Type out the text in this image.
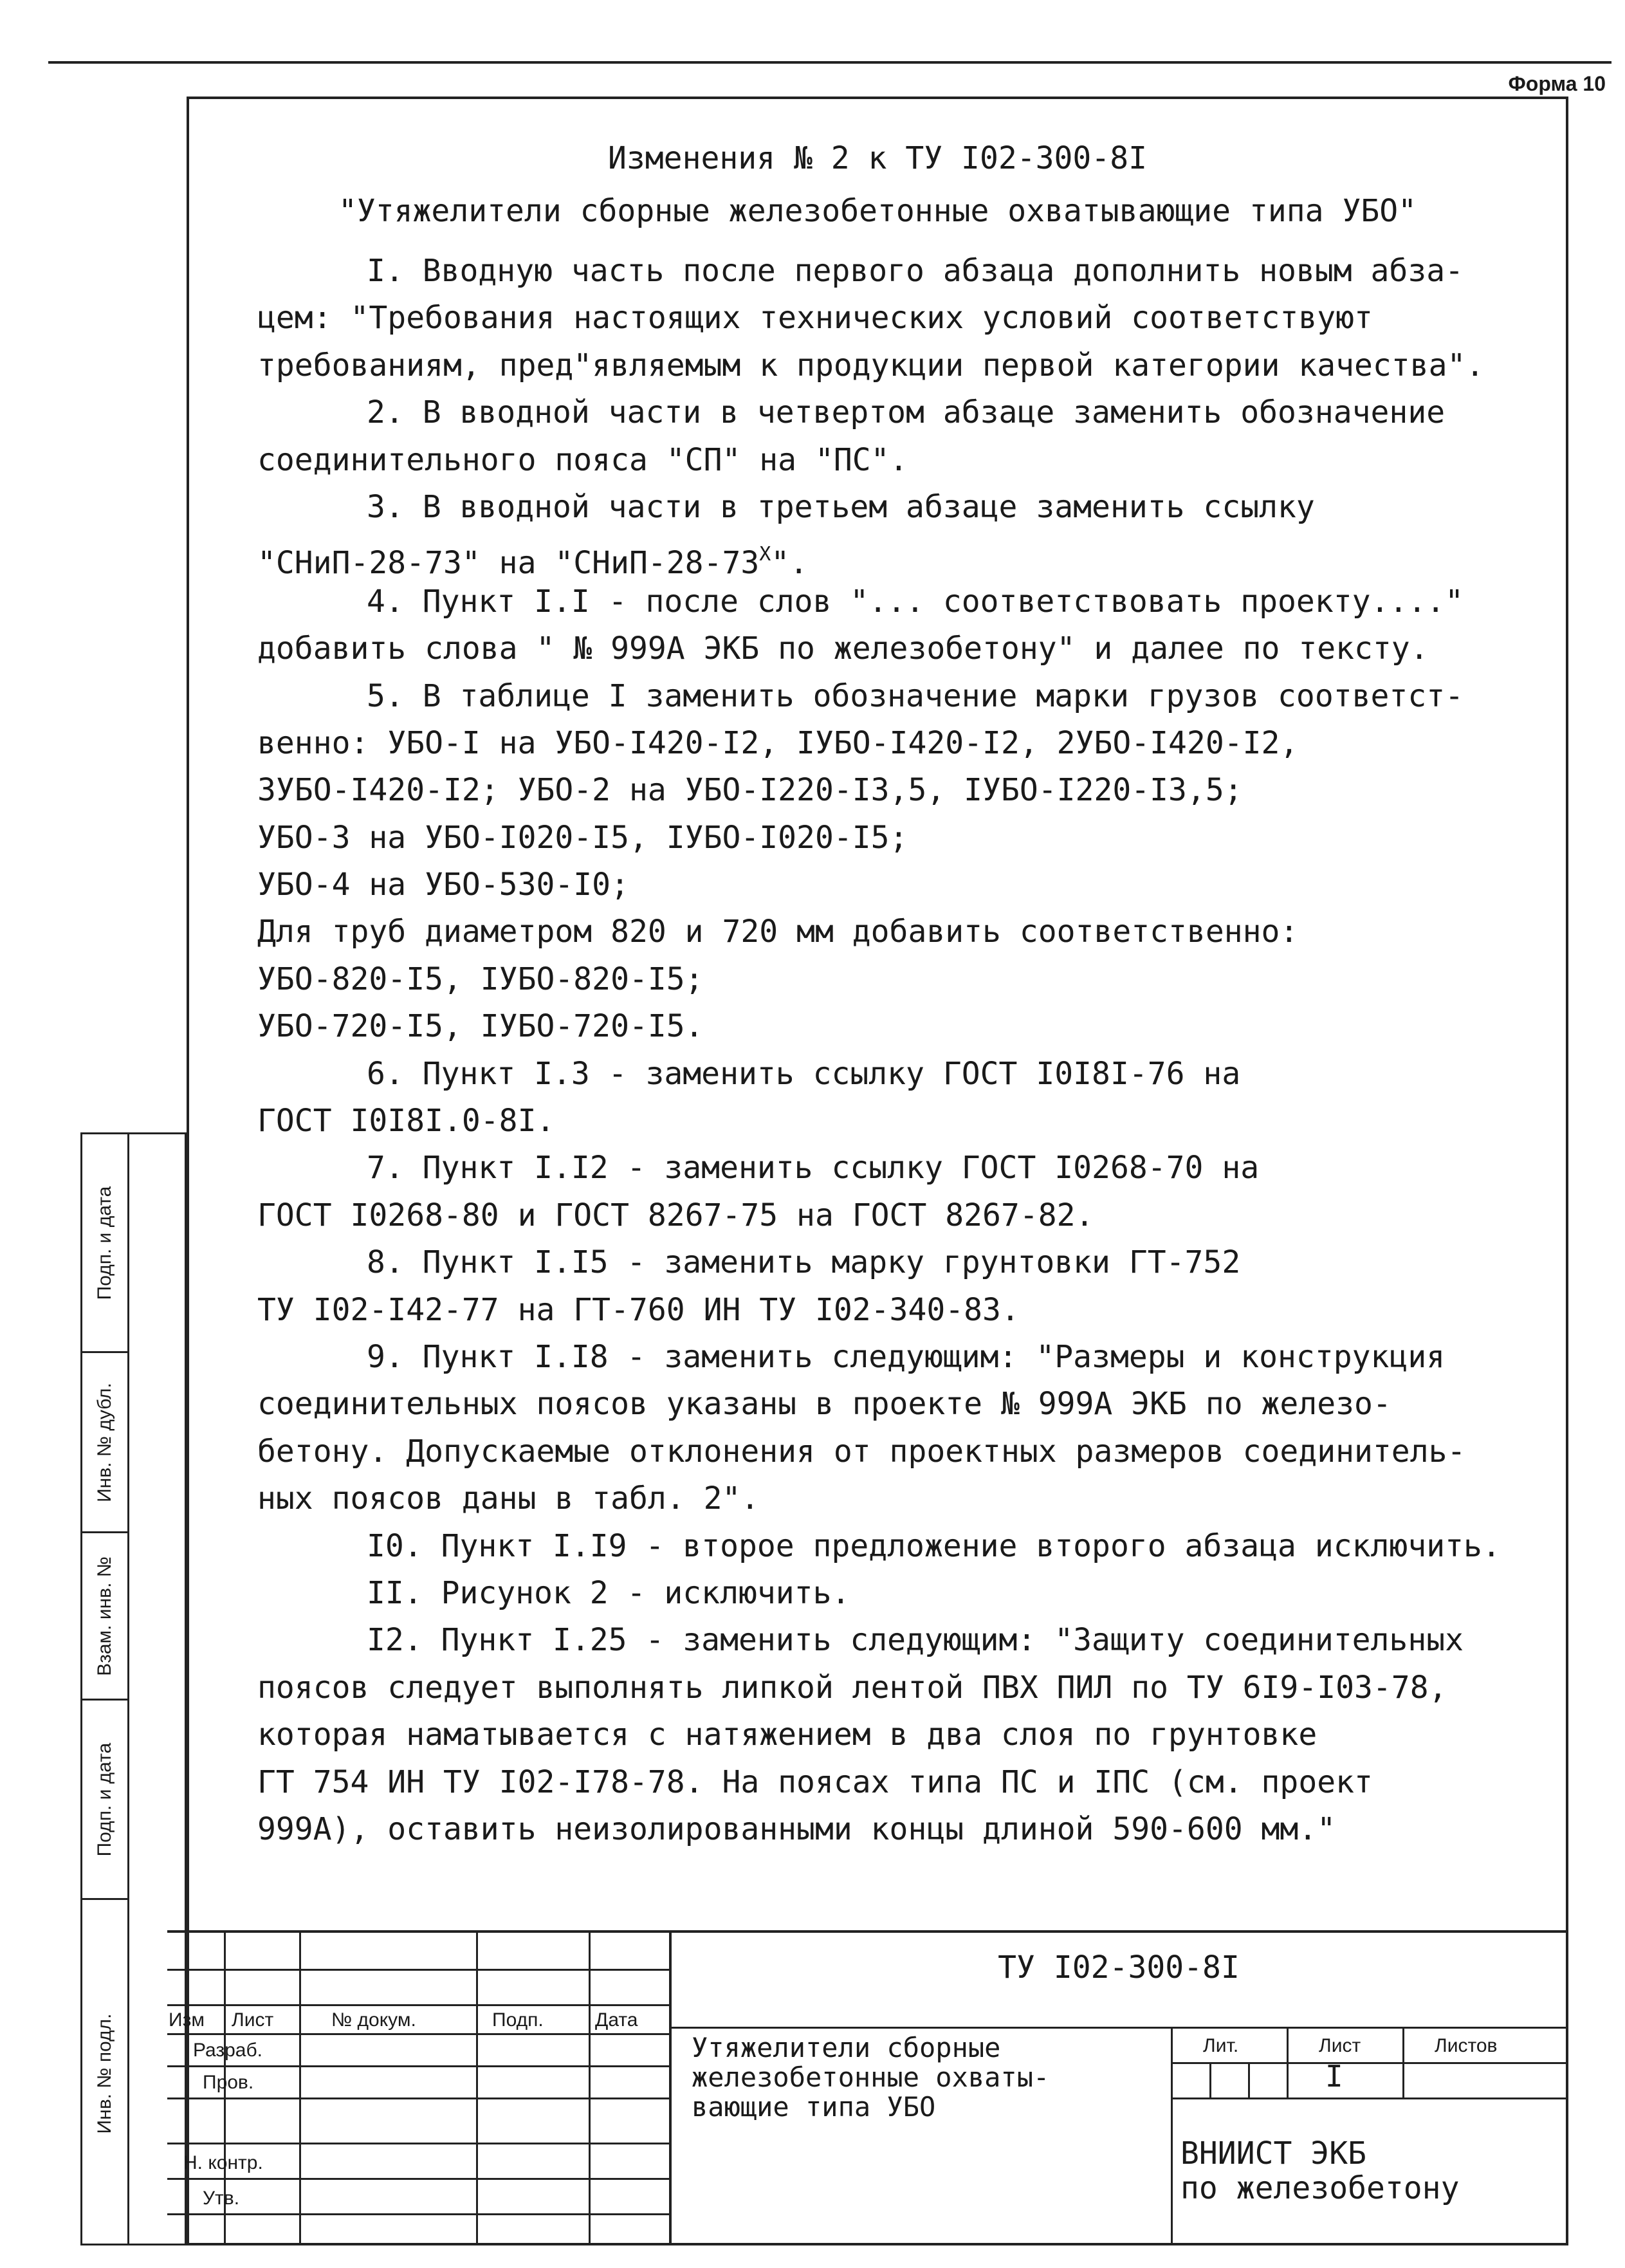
Форма 10
Изменения № 2 к ТУ I02-300-8I
"Утяжелители сборные железобетонные охватывающие типа УБО"
I. Вводную часть после первого абзаца дополнить новым абза-
цем: "Требования настоящих технических условий соответствуют
требованиям, пред"являемым к продукции первой категории качества".
2. В вводной части в четвертом абзаце заменить обозначение
соединительного пояса "СП" на "ПС".
3. В вводной части в третьем абзаце заменить ссылку
"СНиП-28-73" на "$СНиП-28-73^X$".
4. Пункт I.I - после слов "... соответствовать проекту...."
добавить слова " № 999А ЭКБ по железобетону" и далее по тексту.
5. В таблице I заменить обозначение марки грузов соответст-
венно: УБО-I на УБО-I420-I2, IУБО-I420-I2, 2УБО-I420-I2,
3УБО-I420-I2; УБО-2 на УБО-I220-I3,5, IУБО-I220-I3,5;
УБО-3 на УБО-I020-I5, IУБО-I020-I5;
УБО-4 на УБО-530-I0;
Для труб диаметром 820 и 720 мм добавить соответственно:
УБО-820-I5, IУБО-820-I5;
УБО-720-I5, IУБО-720-I5.
6. Пункт I.3 - заменить ссылку ГОСТ I0I8I-76 на
ГОСТ I0I8I.0-8I.
7. Пункт I.I2 - заменить ссылку ГОСТ I0268-70 на
ГОСТ I0268-80 и ГОСТ 8267-75 на ГОСТ 8267-82.
8. Пункт I.I5 - заменить марку грунтовки ГТ-752
ТУ I02-I42-77 на ГТ-760 ИН ТУ I02-340-83.
9. Пункт I.I8 - заменить следующим: "Размеры и конструкция
соединительных поясов указаны в проекте № 999А ЭКБ по железо-
бетону. Допускаемые отклонения от проектных размеров соединитель-
ных поясов даны в табл. 2".
I0. Пункт I.I9 - второе предложение второго абзаца исключить.
II. Рисунок 2 - исключить.
I2. Пункт I.25 - заменить следующим: "Защиту соединительных
поясов следует выполнять липкой лентой ПВХ ПИЛ по ТУ 6I9-I03-78,
которая наматывается с натяжением в два слоя по грунтовке
ГТ 754 ИН ТУ I02-I78-78. На поясах типа ПС и IПС (см. проект
999А), оставить неизолированными концы длиной 590-600 мм."
Подп. и дата
Инв. № дубл.
Взам. инв. №
Подп. и дата
Инв. № подл.	Изм Лист	№ докум.	Подп.	Дата
Разраб.
Пров.
Н. контр.
Утв.
ТУ I02-300-8I
Утяжелители сборные
железобетонные охваты-
вающие типа УБО
Лит.	Лист	Листов
I
ВНИИСТ ЭКБ
по железобетону
